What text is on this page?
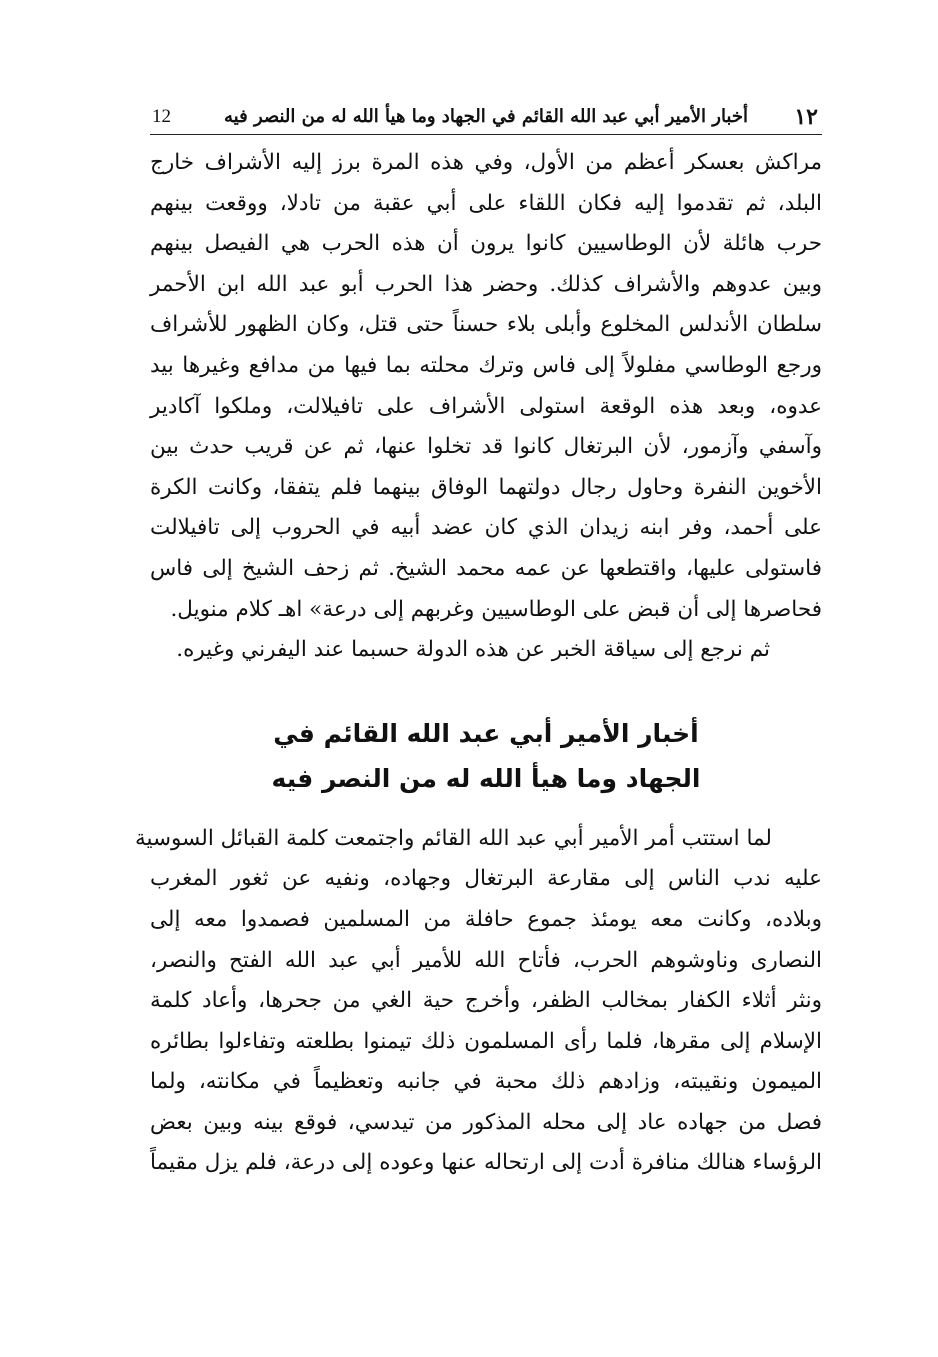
١٢
أخبار الأمير أبي عبد الله القائم في الجهاد وما هيأ الله له من النصر فيه
12

مراكش بعسكر أعظم من الأول، وفي هذه المرة برز إليه الأشراف خارج
البلد، ثم تقدموا إليه فكان اللقاء على أبي عقبة من تادلا، ووقعت بينهم
حرب هائلة لأن الوطاسيين كانوا يرون أن هذه الحرب هي الفيصل بينهم
وبين عدوهم والأشراف كذلك. وحضر هذا الحرب أبو عبد الله ابن الأحمر
سلطان الأندلس المخلوع وأبلى بلاء حسناً حتى قتل، وكان الظهور للأشراف
ورجع الوطاسي مفلولاً إلى فاس وترك محلته بما فيها من مدافع وغيرها بيد
عدوه، وبعد هذه الوقعة استولى الأشراف على تافيلالت، وملكوا آكادير
وآسفي وآزمور، لأن البرتغال كانوا قد تخلوا عنها، ثم عن قريب حدث بين
الأخوين النفرة وحاول رجال دولتهما الوفاق بينهما فلم يتفقا، وكانت الكرة
على أحمد، وفر ابنه زيدان الذي كان عضد أبيه في الحروب إلى تافيلالت
فاستولى عليها، واقتطعها عن عمه محمد الشيخ. ثم زحف الشيخ إلى فاس
فحاصرها إلى أن قبض على الوطاسيين وغربهم إلى درعة» اهـ كلام منويل.

ثم نرجع إلى سياقة الخبر عن هذه الدولة حسبما عند اليفرني وغيره.

أخبار الأمير أبي عبد الله القائم في
الجهاد وما هيأ الله له من النصر فيه

لما استتب أمر الأمير أبي عبد الله القائم واجتمعت كلمة القبائل السوسية
عليه ندب الناس إلى مقارعة البرتغال وجهاده، ونفيه عن ثغور المغرب
وبلاده، وكانت معه يومئذ جموع حافلة من المسلمين فصمدوا معه إلى
النصارى وناوشوهم الحرب، فأتاح الله للأمير أبي عبد الله الفتح والنصر،
ونثر أثلاء الكفار بمخالب الظفر، وأخرج حية الغي من جحرها، وأعاد كلمة
الإسلام إلى مقرها، فلما رأى المسلمون ذلك تيمنوا بطلعته وتفاءلوا بطائره
الميمون ونقيبته، وزادهم ذلك محبة في جانبه وتعظيماً في مكانته، ولما
فصل من جهاده عاد إلى محله المذكور من تيدسي، فوقع بينه وبين بعض
الرؤساء هنالك منافرة أدت إلى ارتحاله عنها وعوده إلى درعة، فلم يزل مقيماً
